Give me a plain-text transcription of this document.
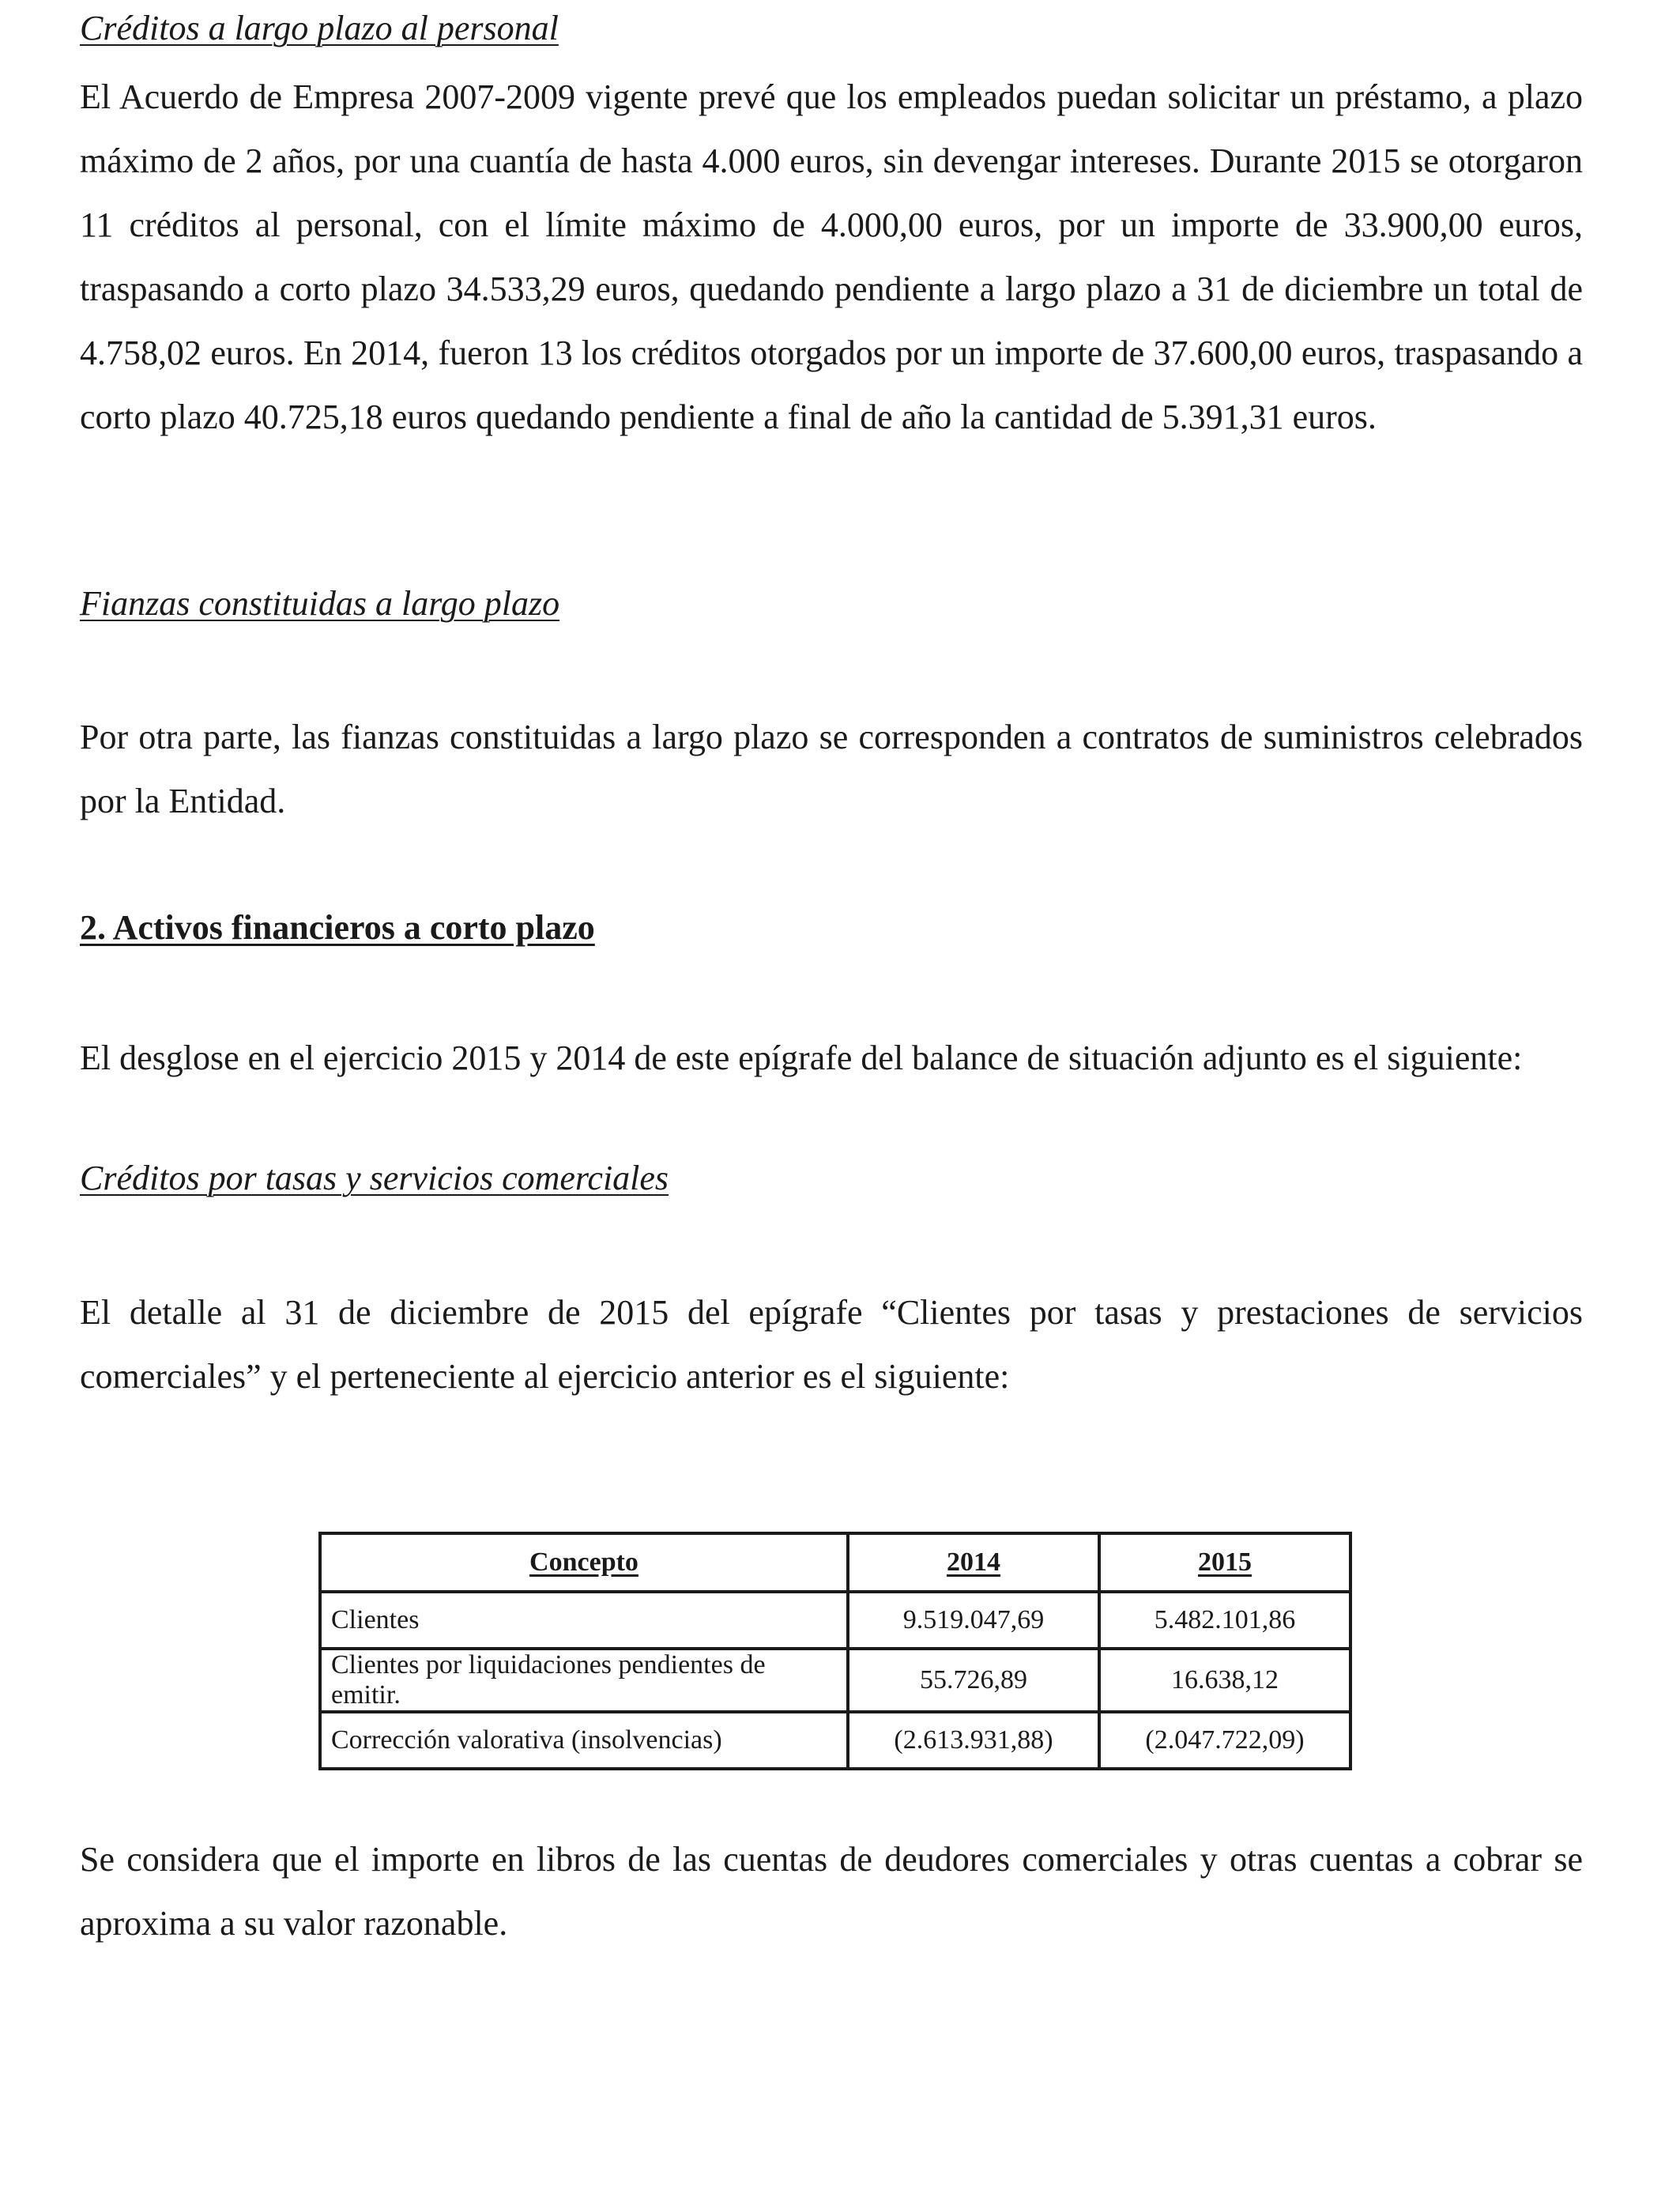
Créditos a largo plazo al personal

El Acuerdo de Empresa 2007-2009 vigente prevé que los empleados puedan solicitar un préstamo, a plazo máximo de 2 años, por una cuantía de hasta 4.000 euros, sin devengar intereses. Durante 2015 se otorgaron 11 créditos al personal, con el límite máximo de 4.000,00 euros, por un importe de 33.900,00 euros, traspasando a corto plazo 34.533,29 euros, quedando pendiente a largo plazo a 31 de diciembre un total de 4.758,02 euros. En 2014, fueron 13 los créditos otorgados por un importe de 37.600,00 euros, traspasando a corto plazo 40.725,18 euros quedando pendiente a final de año la cantidad de 5.391,31 euros.

Fianzas constituidas a largo plazo

Por otra parte, las fianzas constituidas a largo plazo se corresponden a contratos de suministros celebrados por la Entidad.

2. Activos financieros a corto plazo

El desglose en el ejercicio 2015 y 2014 de este epígrafe del balance de situación adjunto es el siguiente:

Créditos por tasas y servicios comerciales

El detalle al 31 de diciembre de 2015 del epígrafe “Clientes por tasas y prestaciones de servicios comerciales” y el perteneciente al ejercicio anterior es el siguiente:

Concepto	2014	2015
Clientes	9.519.047,69	5.482.101,86
Clientes por liquidaciones pendientes de emitir.	55.726,89	16.638,12
Corrección valorativa (insolvencias)	(2.613.931,88)	(2.047.722,09)

Se considera que el importe en libros de las cuentas de deudores comerciales y otras cuentas a cobrar se aproxima a su valor razonable.
